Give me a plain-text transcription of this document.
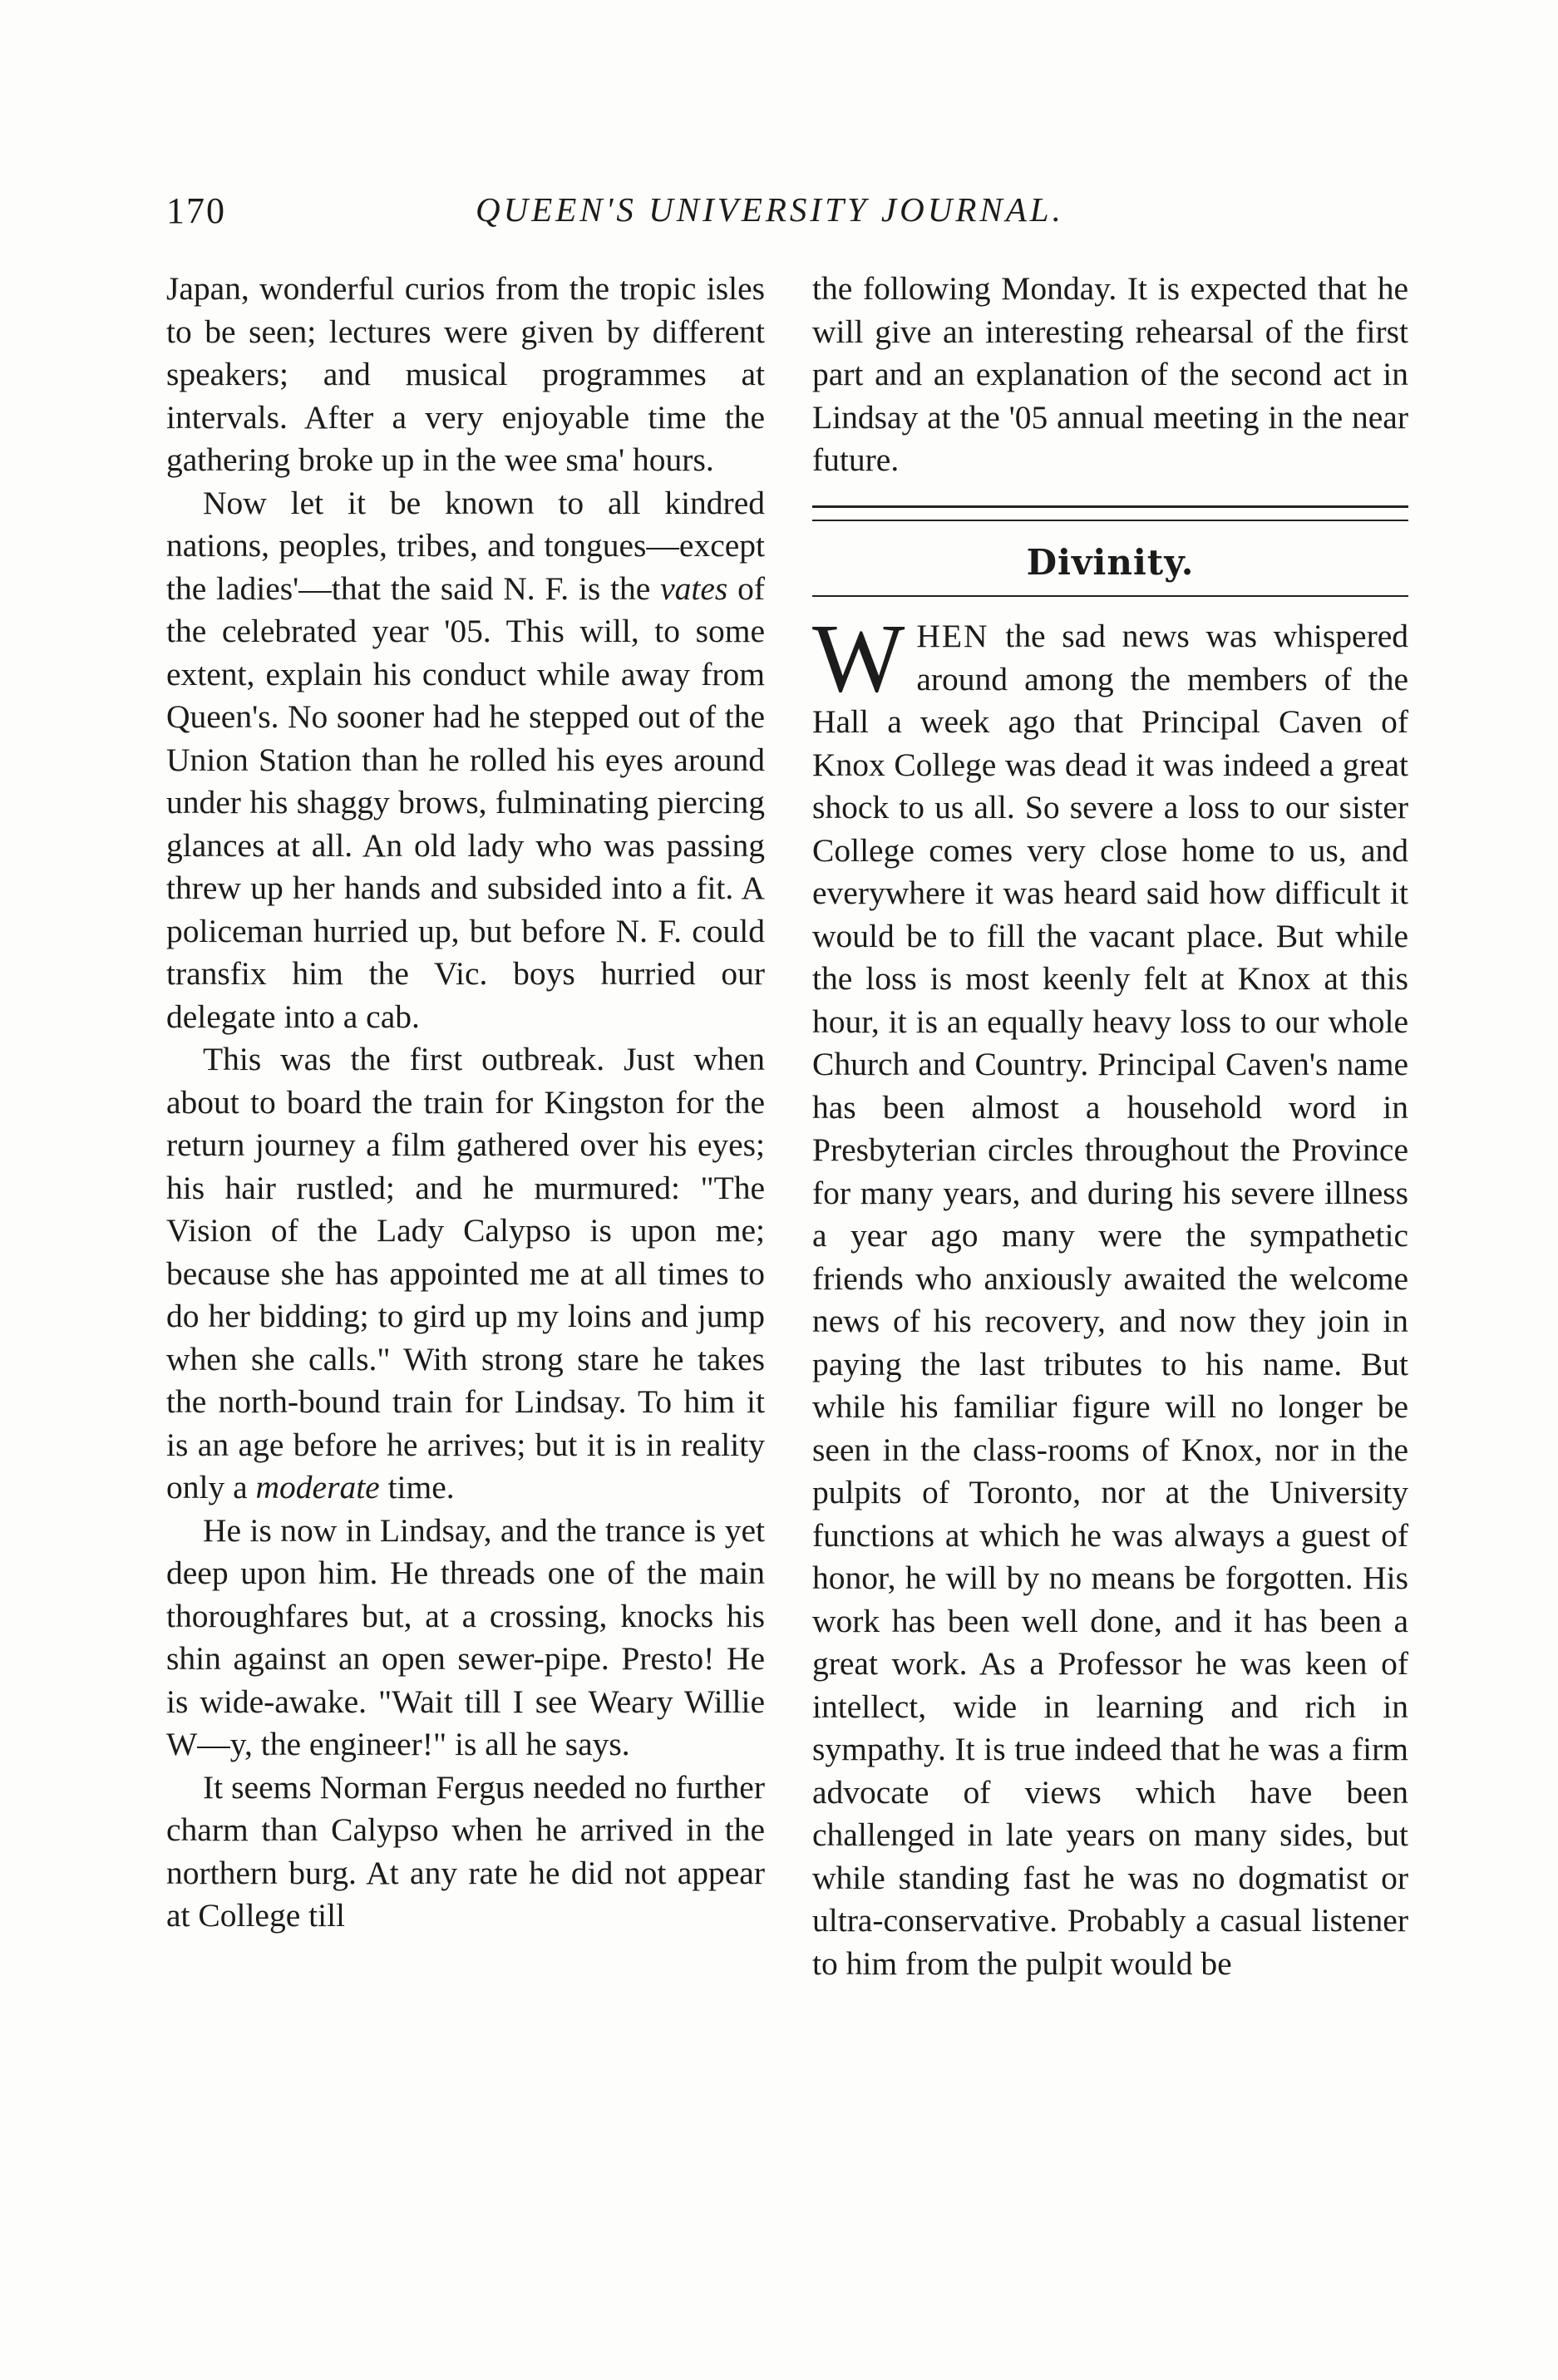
170	QUEEN'S UNIVERSITY JOURNAL.

Japan, wonderful curios from the tropic isles to be seen; lectures were given by different speakers; and musical programmes at intervals. After a very enjoyable time the gathering broke up in the wee sma' hours.

Now let it be known to all kindred nations, peoples, tribes, and tongues—except the ladies'—that the said N. F. is the vates of the celebrated year '05. This will, to some extent, explain his conduct while away from Queen's. No sooner had he stepped out of the Union Station than he rolled his eyes around under his shaggy brows, fulminating piercing glances at all. An old lady who was passing threw up her hands and subsided into a fit. A policeman hurried up, but before N. F. could transfix him the Vic. boys hurried our delegate into a cab.

This was the first outbreak. Just when about to board the train for Kingston for the return journey a film gathered over his eyes; his hair rustled; and he murmured: "The Vision of the Lady Calypso is upon me; because she has appointed me at all times to do her bidding; to gird up my loins and jump when she calls." With strong stare he takes the north-bound train for Lindsay. To him it is an age before he arrives; but it is in reality only a moderate time.

He is now in Lindsay, and the trance is yet deep upon him. He threads one of the main thoroughfares but, at a crossing, knocks his shin against an open sewer-pipe. Presto! He is wide-awake. "Wait till I see Weary Willie W—y, the engineer!" is all he says.

It seems Norman Fergus needed no further charm than Calypso when he arrived in the northern burg. At any rate he did not appear at College till

the following Monday. It is expected that he will give an interesting rehearsal of the first part and an explanation of the second act in Lindsay at the '05 annual meeting in the near future.

Divinity.

WHEN the sad news was whispered around among the members of the Hall a week ago that Principal Caven of Knox College was dead it was indeed a great shock to us all. So severe a loss to our sister College comes very close home to us, and everywhere it was heard said how difficult it would be to fill the vacant place. But while the loss is most keenly felt at Knox at this hour, it is an equally heavy loss to our whole Church and Country. Principal Caven's name has been almost a household word in Presbyterian circles throughout the Province for many years, and during his severe illness a year ago many were the sympathetic friends who anxiously awaited the welcome news of his recovery, and now they join in paying the last tributes to his name. But while his familiar figure will no longer be seen in the class-rooms of Knox, nor in the pulpits of Toronto, nor at the University functions at which he was always a guest of honor, he will by no means be forgotten. His work has been well done, and it has been a great work. As a Professor he was keen of intellect, wide in learning and rich in sympathy. It is true indeed that he was a firm advocate of views which have been challenged in late years on many sides, but while standing fast he was no dogmatist or ultra-conservative. Probably a casual listener to him from the pulpit would be
